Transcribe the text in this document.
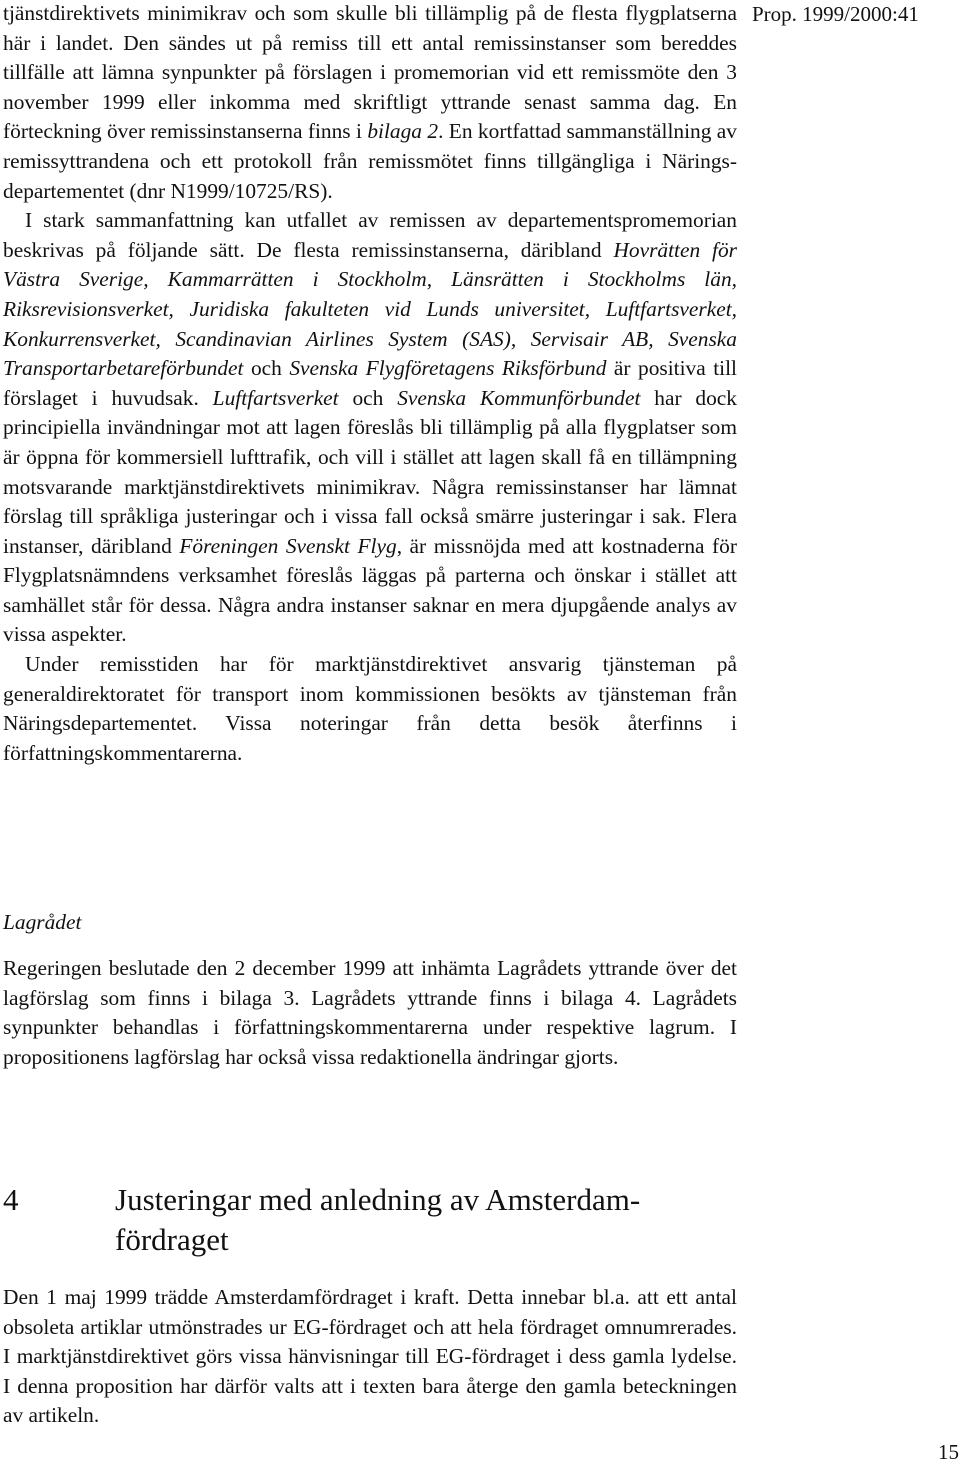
Prop. 1999/2000:41

tjänstdirektivets minimikrav och som skulle bli tillämplig på de flesta flygplatserna här i landet. Den sändes ut på remiss till ett antal remissinstanser som bereddes tillfälle att lämna synpunkter på förslagen i promemorian vid ett remissmöte den 3 november 1999 eller inkomma med skriftligt yttrande senast samma dag. En förteckning över remissinstanserna finns i bilaga 2. En kortfattad sammanställning av remissyttrandena och ett protokoll från remissmötet finns tillgängliga i Näringsdepartementet (dnr N1999/10725/RS).

I stark sammanfattning kan utfallet av remissen av departementspromemorian beskrivas på följande sätt. De flesta remissinstanserna, däribland Hovrätten för Västra Sverige, Kammarrätten i Stockholm, Länsrätten i Stockholms län, Riksrevisionsverket, Juridiska fakulteten vid Lunds universitet, Luftfartsverket, Konkurrensverket, Scandinavian Airlines System (SAS), Servisair AB, Svenska Transportarbetareförbundet och Svenska Flygföretagens Riksförbund är positiva till förslaget i huvudsak. Luftfartsverket och Svenska Kommunförbundet har dock principiella invändningar mot att lagen föreslås bli tillämplig på alla flygplatser som är öppna för kommersiell lufttrafik, och vill i stället att lagen skall få en tillämpning motsvarande marktjänstdirektivets minimikrav. Några remissinstanser har lämnat förslag till språkliga justeringar och i vissa fall också smärre justeringar i sak. Flera instanser, däribland Föreningen Svenskt Flyg, är missnöjda med att kostnaderna för Flygplatsnämndens verksamhet föreslås läggas på parterna och önskar i stället att samhället står för dessa. Några andra instanser saknar en mera djupgående analys av vissa aspekter.

Under remisstiden har för marktjänstdirektivet ansvarig tjänsteman på generaldirektoratet för transport inom kommissionen besökts av tjänsteman från Näringsdepartementet. Vissa noteringar från detta besök återfinns i författningskommentarerna.

Lagrådet

Regeringen beslutade den 2 december 1999 att inhämta Lagrådets yttrande över det lagförslag som finns i bilaga 3. Lagrådets yttrande finns i bilaga 4. Lagrådets synpunkter behandlas i författningskommentarerna under respektive lagrum. I propositionens lagförslag har också vissa redaktionella ändringar gjorts.

4	Justeringar med anledning av Amsterdamfördraget

Den 1 maj 1999 trädde Amsterdamfördraget i kraft. Detta innebar bl.a. att ett antal obsoleta artiklar utmönstrades ur EG-fördraget och att hela fördraget omnumrerades. I marktjänstdirektivet görs vissa hänvisningar till EG-fördraget i dess gamla lydelse. I denna proposition har därför valts att i texten bara återge den gamla beteckningen av artikeln.

15
